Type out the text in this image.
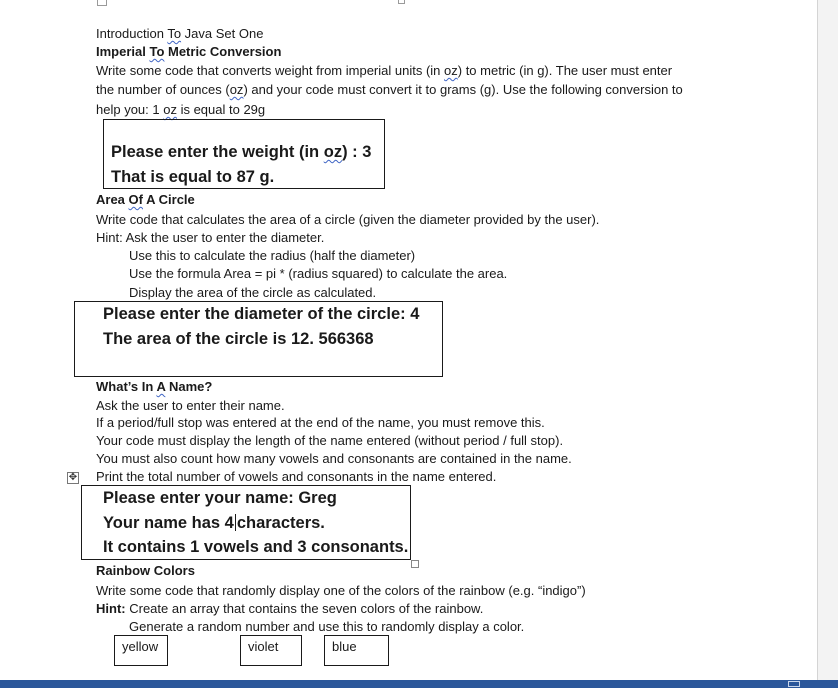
Introduction To Java Set One
Imperial To Metric Conversion
Write some code that converts weight from imperial units (in oz) to metric (in g). The user must enter
the number of ounces (oz) and your code must convert it to grams (g). Use the following conversion to
help you: 1 oz is equal to 29g
Please enter the weight (in oz) : 3
That is equal to 87 g.
Area Of A Circle
Write code that calculates the area of a circle (given the diameter provided by the user).
Hint: Ask the user to enter the diameter.
Use this to calculate the radius (half the diameter)
Use the formula Area = pi * (radius squared) to calculate the area.
Display the area of the circle as calculated.
Please enter the diameter of the circle: 4
The area of the circle is 12. 566368
What’s In A Name?
Ask the user to enter their name.
If a period/full stop was entered at the end of the name, you must remove this.
Your code must display the length of the name entered (without period / full stop).
You must also count how many vowels and consonants are contained in the name.
Print the total number of vowels and consonants in the name entered.
✥
Please enter your name: Greg
Your name has 4 characters.
It contains 1 vowels and 3 consonants.
Rainbow Colors
Write some code that randomly display one of the colors of the rainbow (e.g. “indigo”)
Hint: Create an array that contains the seven colors of the rainbow.
Generate a random number and use this to randomly display a color.
yellow	violet	blue
